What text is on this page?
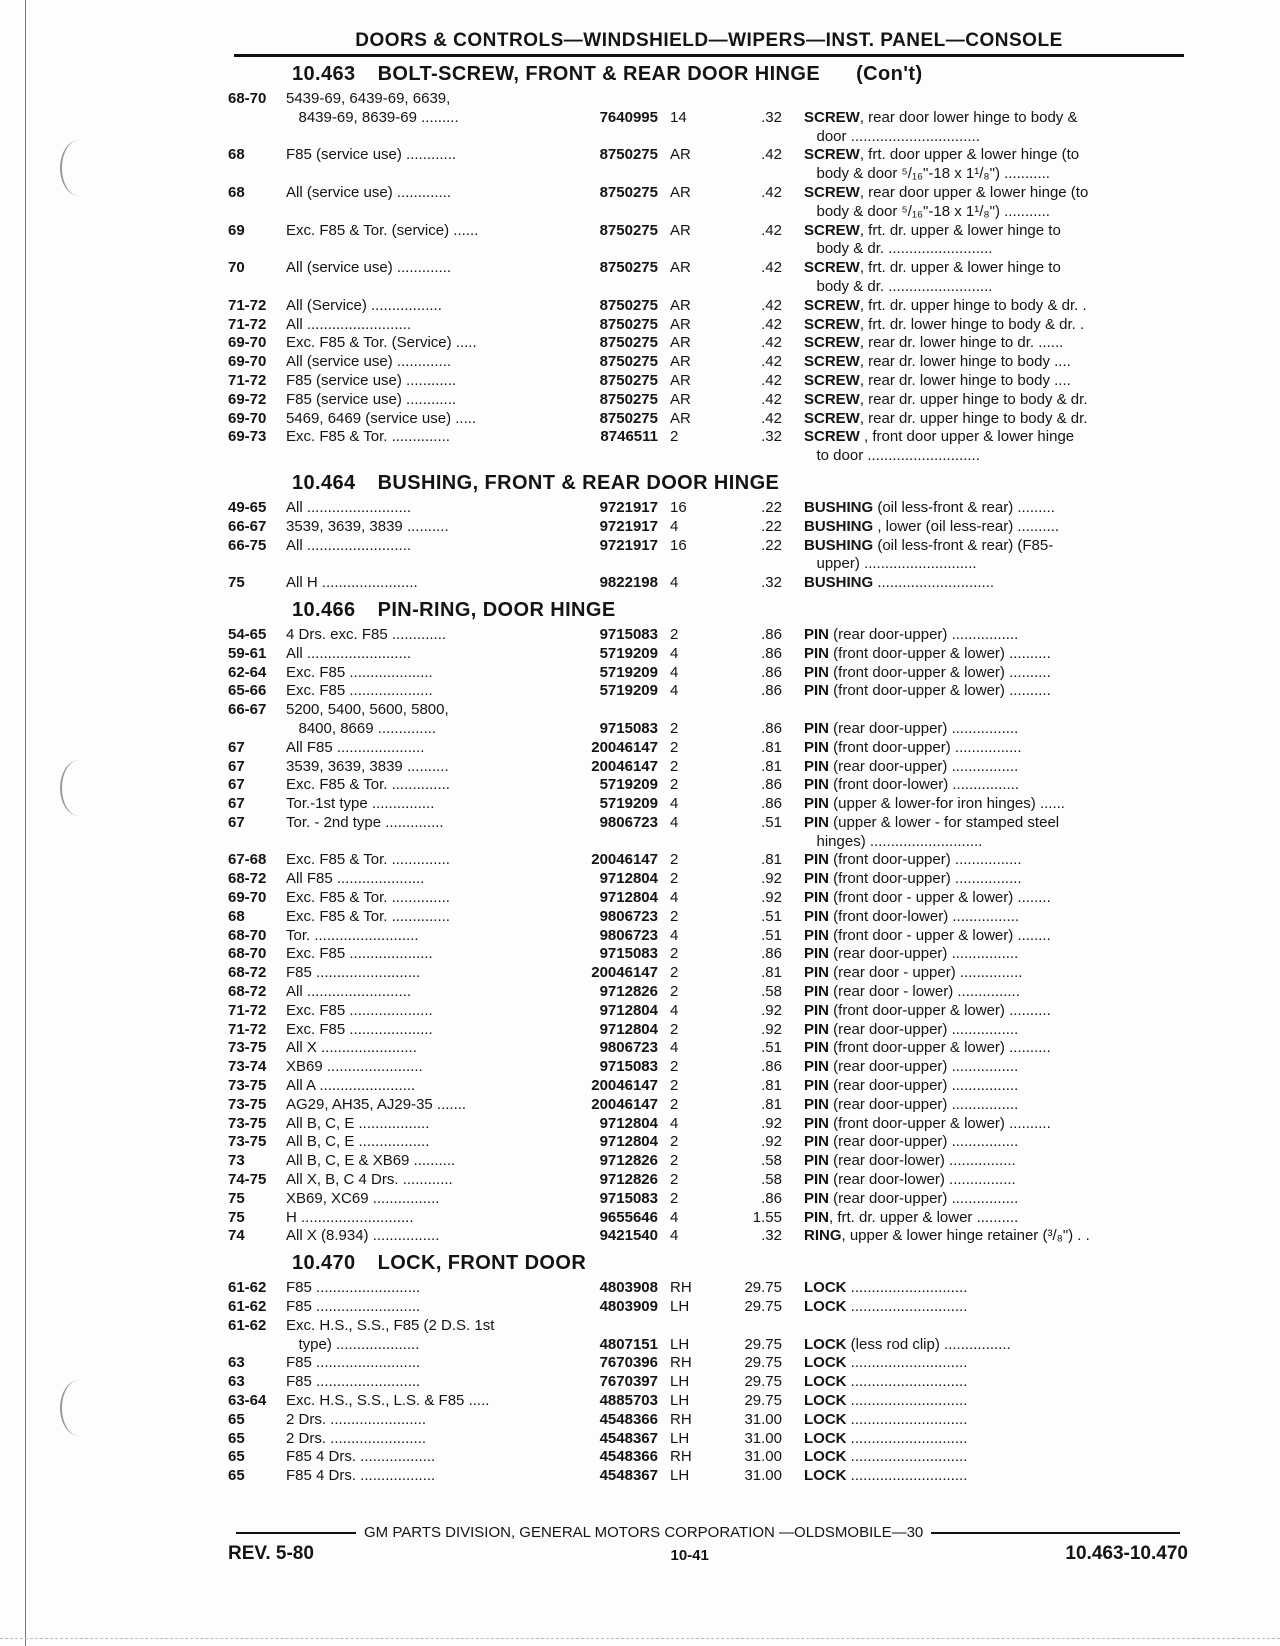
DOORS & CONTROLS—WINDSHIELD—WIPERS—INST. PANEL—CONSOLE
10.463 BOLT-SCREW, FRONT & REAR DOOR HINGE (Con't)
68-70	5439-69, 6439-69, 6639,
8439-69, 8639-69 .........	7640995 14	.32	SCREW, rear door lower hinge to body &
door ...............................
68	F85 (service use) ............	8750275 AR	.42	SCREW, frt. door upper & lower hinge (to
body & door ⁵/₁₆"-18 x 1¹/₈") ...........
68	All (service use) .............	8750275 AR	.42	SCREW, rear door upper & lower hinge (to
body & door ⁵/₁₆"-18 x 1¹/₈") ...........
69	Exc. F85 & Tor. (service) ......	8750275 AR	.42	SCREW, frt. dr. upper & lower hinge to
body & dr. .........................
70	All (service use) .............	8750275 AR	.42	SCREW, frt. dr. upper & lower hinge to
body & dr. .........................
71-72	All (Service) .................	8750275 AR	.42	SCREW, frt. dr. upper hinge to body & dr. .
71-72	All .........................	8750275 AR	.42	SCREW, frt. dr. lower hinge to body & dr. .
69-70	Exc. F85 & Tor. (Service) .....	8750275 AR	.42	SCREW, rear dr. lower hinge to dr. ......
69-70	All (service use) .............	8750275 AR	.42	SCREW, rear dr. lower hinge to body ....
71-72	F85 (service use) ............	8750275 AR	.42	SCREW, rear dr. lower hinge to body ....
69-72	F85 (service use) ............	8750275 AR	.42	SCREW, rear dr. upper hinge to body & dr.
69-70	5469, 6469 (service use) .....	8750275 AR	.42	SCREW, rear dr. upper hinge to body & dr.
69-73	Exc. F85 & Tor. ..............	8746511 2	.32	SCREW , front door upper & lower hinge
to door ...........................
10.464 BUSHING, FRONT & REAR DOOR HINGE
49-65	All .........................	9721917 16	.22	BUSHING (oil less-front & rear) .........
66-67	3539, 3639, 3839 ..........	9721917 4	.22	BUSHING , lower (oil less-rear) ..........
66-75	All .........................	9721917 16	.22	BUSHING (oil less-front & rear) (F85-
upper) ...........................
75	All H .......................	9822198 4	.32	BUSHING ............................
10.466 PIN-RING, DOOR HINGE
54-65	4 Drs. exc. F85 .............	9715083 2	.86	PIN (rear door-upper) ................
59-61	All .........................	5719209 4	.86	PIN (front door-upper & lower) ..........
62-64	Exc. F85 ....................	5719209 4	.86	PIN (front door-upper & lower) ..........
65-66	Exc. F85 ....................	5719209 4	.86	PIN (front door-upper & lower) ..........
66-67	5200, 5400, 5600, 5800,
8400, 8669 ..............	9715083 2	.86	PIN (rear door-upper) ................
67	All F85 .....................	20046147 2	.81	PIN (front door-upper) ................
67	3539, 3639, 3839 ..........	20046147 2	.81	PIN (rear door-upper) ................
67	Exc. F85 & Tor. ..............	5719209 2	.86	PIN (front door-lower) ................
67	Tor.-1st type ...............	5719209 4	.86	PIN (upper & lower-for iron hinges) ......
67	Tor. - 2nd type ..............	9806723 4	.51	PIN (upper & lower - for stamped steel
hinges) ...........................
67-68	Exc. F85 & Tor. ..............	20046147 2	.81	PIN (front door-upper) ................
68-72	All F85 .....................	9712804 2	.92	PIN (front door-upper) ................
69-70	Exc. F85 & Tor. ..............	9712804 4	.92	PIN (front door - upper & lower) ........
68	Exc. F85 & Tor. ..............	9806723 2	.51	PIN (front door-lower) ................
68-70	Tor. .........................	9806723 4	.51	PIN (front door - upper & lower) ........
68-70	Exc. F85 ....................	9715083 2	.86	PIN (rear door-upper) ................
68-72	F85 .........................	20046147 2	.81	PIN (rear door - upper) ...............
68-72	All .........................	9712826 2	.58	PIN (rear door - lower) ...............
71-72	Exc. F85 ....................	9712804 4	.92	PIN (front door-upper & lower) ..........
71-72	Exc. F85 ....................	9712804 2	.92	PIN (rear door-upper) ................
73-75	All X .......................	9806723 4	.51	PIN (front door-upper & lower) ..........
73-74	XB69 .......................	9715083 2	.86	PIN (rear door-upper) ................
73-75	All A .......................	20046147 2	.81	PIN (rear door-upper) ................
73-75	AG29, AH35, AJ29-35 .......	20046147 2	.81	PIN (rear door-upper) ................
73-75	All B, C, E .................	9712804 4	.92	PIN (front door-upper & lower) ..........
73-75	All B, C, E .................	9712804 2	.92	PIN (rear door-upper) ................
73	All B, C, E & XB69 ..........	9712826 2	.58	PIN (rear door-lower) ................
74-75	All X, B, C 4 Drs. ............	9712826 2	.58	PIN (rear door-lower) ................
75	XB69, XC69 ................	9715083 2	.86	PIN (rear door-upper) ................
75	H ...........................	9655646 4	1.55	PIN, frt. dr. upper & lower ..........
74	All X (8.934) ................	9421540 4	.32	RING, upper & lower hinge retainer (³/₈") . .
10.470 LOCK, FRONT DOOR
61-62	F85 .........................	4803908 RH	29.75	LOCK ............................
61-62	F85 .........................	4803909 LH	29.75	LOCK ............................
61-62	Exc. H.S., S.S., F85 (2 D.S. 1st
type) ....................	4807151 LH	29.75	LOCK (less rod clip) ................
63	F85 .........................	7670396 RH	29.75	LOCK ............................
63	F85 .........................	7670397 LH	29.75	LOCK ............................
63-64	Exc. H.S., S.S., L.S. & F85 .....	4885703 LH	29.75	LOCK ............................
65	2 Drs. .......................	4548366 RH	31.00	LOCK ............................
65	2 Drs. .......................	4548367 LH	31.00	LOCK ............................
65	F85 4 Drs. ..................	4548366 RH	31.00	LOCK ............................
65	F85 4 Drs. ..................	4548367 LH	31.00	LOCK ............................
GM PARTS DIVISION, GENERAL MOTORS CORPORATION —OLDSMOBILE—30
REV. 5-80	10-41	10.463-10.470
